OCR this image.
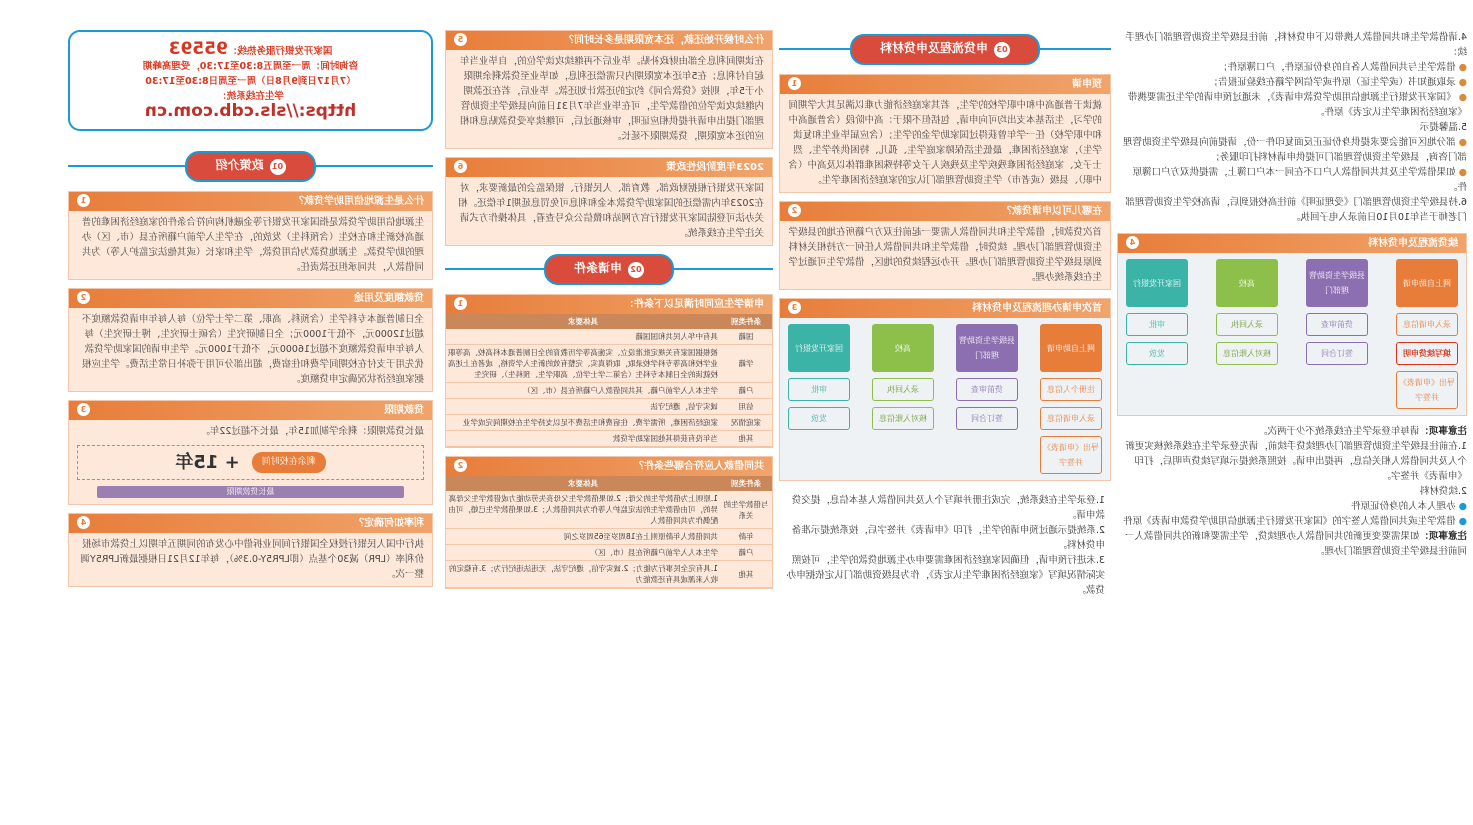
国家开发银行服务热线：95593
咨询时间：周一至周五8:30至17:30，受理高峰期
（7月17日到9月8日）周一至周日8:30至17:30
学生在线系统：
https://sls.cdb.com.cn
01政策介绍
什么是生源地信用助学贷款？
1
生源地信用助学贷款是指国家开发银行等金融机构向符合条件的家庭经济困难的普通高校新生和在校生（含预科生）发放的，在学生入学前户籍所在县（市、区）办理的助学贷款。生源地贷款为信用贷款，学生和家长（或其他法定监护人等）为共同借款人，共同承担还款责任。
贷款额度及用途
2
全日制普通本专科学生（含预科、高职、第二学士学位）每人每年申请贷款额度不超过12000元，不低于1000元；全日制研究生（含硕士研究生、博士研究生）每人每年申请贷款额度不超过16000元，不低于1000元。学生申请的国家助学贷款优先用于支付在校期间学费和住宿费，超出部分可用于弥补日常生活费。学生应根据家庭经济状况确定申贷额度。
贷款期限
3
最长贷款期限：剩余学制加15年，最长不超过22年。
剩余在校时间
+ 15年
最长贷款期限
利率如何确定？
4
执行中国人民银行授权全国银行间同业拆借中心发布的同期五年期以上贷款市场报价利率（LPR）减30个基点（即LPR5Y-0.3%），每年12月21日根据最新LPR5Y调整一次。
什么时候开始还款，还本宽限期是多长时间？
5
在读期间利息全部由财政补贴。毕业后不再继续攻读学位的，自毕业当年起自付利息；在5年还本宽限期内只需偿还利息，如毕业至贷款剩余期限小于5年，则按《贷款合同》约定的还款计划还款。毕业后，若在还款期内继续攻读学位的借款学生，可在毕业当年7月31日前向县级学生资助管理部门提出申请并提供相应证明，审核通过后，可继续享受贷款贴息和相应的还本宽限期，贷款期限不延长。
2023年度阶段性政策
6
国家开发银行根据财政部、教育部、人民银行、银保监会的最新要求，对在2023年内需偿还的国家助学贷款本金和利息可免罚息延期1年偿还。相关办法可登陆国家开发银行官方网站和微信公众号查看，具体操作方式请关注学生在线系统。
02申请条件
申请学生应同时满足以下条件：
1
条件类别	具体要求
国籍	具有中华人民共和国国籍
学籍	被根据国家有关规定批准设立、实施高等学历教育的全日制普通本科高校、高等职业学校和高等专科学校录取，取得真实、完整有效的新生入学资格，或者在上述高校就读的全日制本专科生（含第二学士学位、高职学生、预科生）、研究生
户籍	学生本人入学前户籍、其共同借款人户籍所在县（市、区）
信用	诚实守信，遵纪守法
家庭情况	家庭经济困难，所需学费、住宿费和生活费不足以支持学生在校期间完成学业
其他	当年没有获得其他国家助学贷款
共同借款人应符合哪些条件？
2
条件类别	具体要求
与借款学生的关系	1.原则上为借款学生的父母；2.如果借款学生父母丧失劳动能力或借款学生父母离异的，可由借款学生的法定监护人等作为共同借款人；3.如果借款学生已婚，可由配偶作为共同借款人
年龄	共同借款人年龄原则上在18周岁至65周岁之间
户籍	学生本人入学前户籍所在县（市、区）
其他	1.具有完全民事行为能力；2.诚实守信，遵纪守法，无违法违纪行为；3.有稳定的收入来源或具有还款能力
03申贷流程及申贷材料
预申请
1
就读于普通高中和中职学校的学生，若其家庭经济能力难以满足其大学期间的学习，生活基本支出均可向申请，包括但不限于：高中阶段（含普通高中和中职学校）任一学年曾获得过国家助学金的学生；（含应届毕业生和复读学生），家庭经济困难，最低生活保障家庭学生、孤儿、特困供养学生、烈士子女、家庭经济困难残疾学生及残疾人子女等特殊困难群体以及高中（含中职）、县级（或者市）学生资助管理部门认定的家庭经济困难学生。
在哪儿可以申请贷款？
2
首次贷款时，借款学生和共同借款人需要一起前往双方户籍所在地的县级学生资助管理部门办理。续贷时，借款学生和共同借款人任何一方持相关材料到原县级学生资助管理部门办理。开办远程续贷的地区，借款学生可通过学生在线系统办理。
首次申请办理流程及申贷材料
3
网上自助申请
注册个人信息
录入申请信息
导出《申请表》并签字
县级学生资助管理部门
贷前审查
签订合同
高校
录入回执
核对入账信息
国家开发银行
审批
发放
1.登录学生在线系统，完成注册并填写个人及共同借款人基本信息，提交贷款申请。
2.系统提示通过预申请的学生，打印《申请表》并签字后，按系统提示准备申贷材料。
3.未进行预申请，但确因家庭经济困难需要申办生源地贷款的学生，可按照实际情况填写《家庭经济困难学生认定表》，作为县级资助部门认定依据申办贷款。
4.请借款学生和共同借款人携带以下申贷材料，前往县级学生资助管理部门办理手续：
● 借款学生与共同借款人各自的身份证原件，户口簿原件；
● 录取通知书（或学生证）原件或学信网学籍在线验证报告；
● 《国家开发银行生源地信用助学贷款申请表》，未通过预申请的学生还需要携带《家庭经济困难学生认定表》原件。
5.温馨提示
● 部分地区可能会要求提供身份证正反面复印件一份，请提前向县级学生资助管理部门咨询，县级学生资助管理部门可提供申请材料打印服务；
● 如果借款学生及其共同借款人户口不在同一本户口簿上，需提供双方户口簿原件。
6.持县级学生资助管理部门《受理证明》前往高校报到后，请高校学生资助管理部门老师于当年10月10日前录入电子回执。
续贷流程及申贷材料
4
网上自助申请
录入申请信息
填写续贷申明
导出《申请表》并签字
县级学生资助管理部门
贷前审查
签订合同
高校
录入回执
核对入账信息
国家开发银行
审批
发放
注意事项：请每年登录学生在线系统不少于两次。
1.在前往县级学生资助管理部门办理续贷手续前，请先登录学生在线系统核实更新个人及共同借款人相关信息，再提出申请。按照系统提示填写续贷声明后，打印《申请表》并签字。
2.续贷材料
● 办理人本人的身份证原件
● 借款学生或共同借款人签字的《国家开发银行生源地信用助学贷款申请表》原件
注意事项：如果需要变更新的共同借款人办理续贷，学生需要和新的共同借款人一同前往县级学生资助管理部门办理。
